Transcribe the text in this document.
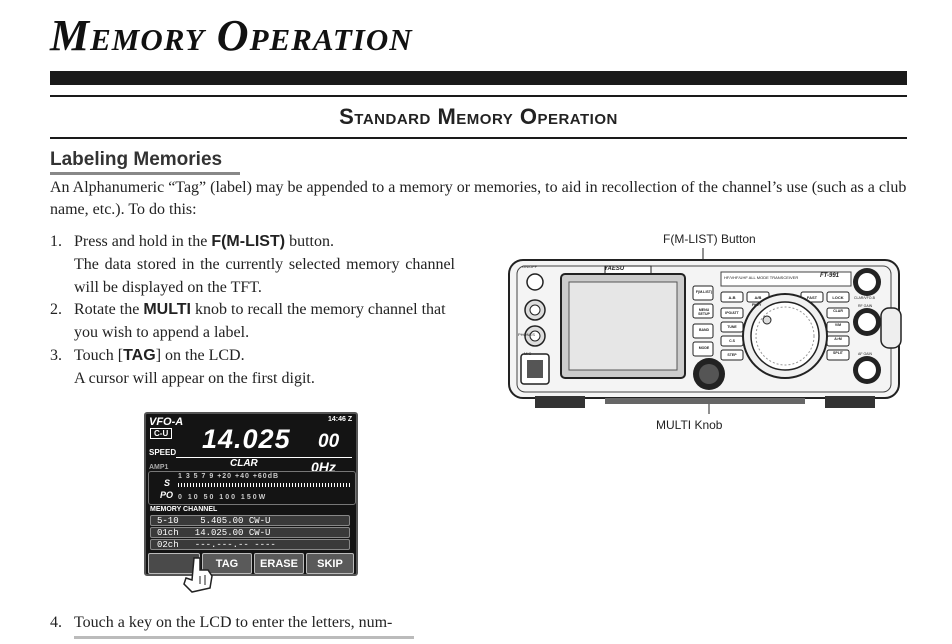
Memory Operation
Standard Memory Operation
Labeling Memories

An Alphanumeric “Tag” (label) may be appended to a memory or memories, to aid in recollection of the channel’s use (such as a club name, etc.). To do this:

1. Press and hold in the F(M-LIST) button.
The data stored in the currently selected memory channel will be displayed on the TFT.
2. Rotate the MULTI knob to recall the memory channel that you wish to append a label.
3. Touch [TAG] on the LCD.
A cursor will appear on the first digit.
VFO-A
C-U
14:46 Z
SPEED
AMP1
14.025 00
CLAR	0Hz
S
PO
1 3 5 7 9 +20 +40 +60dB
0 10 50 100 150W
MEMORY CHANNEL
5-10    5.405.00 CW-U
01ch   14.025.00 CW-U
02ch   ---.---.-- ----
TAG	ERASE	SKIP
F(M-LIST) Button
MULTI Knob
YAESU
HF/VHF/UHF ALL MODE TRANSCEIVER	FT-991
ON/OFF
PHONES
MIC
F(M-LIST)
MENU SETUP
BAND
MODE
A-B	A/B	FAST	LOCK
IPO/ATT
TUNE
C.S
STEP
FKEY
CLAR
V/M
A>M
SPLIT
CLAR/VFO-B
RF GAIN
AF GAIN

4. Touch a key on the LCD to enter the letters, num-
